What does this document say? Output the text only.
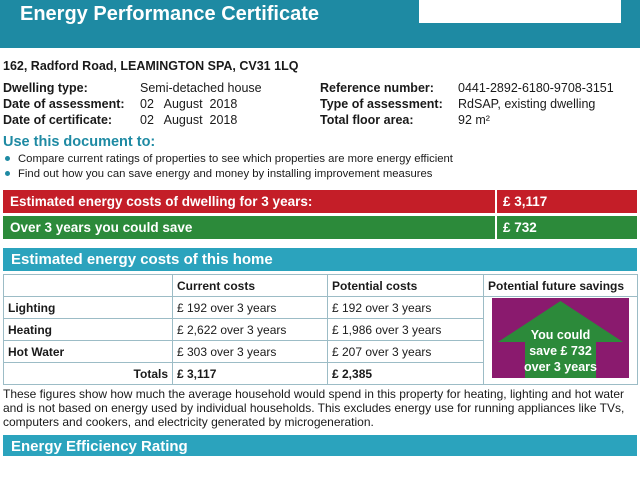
Energy Performance Certificate
162, Radford Road, LEAMINGTON SPA, CV31 1LQ
Dwelling type:	Semi-detached house
Date of assessment: 02   August  2018
Date of certificate: 02   August  2018
Reference number: 0441-2892-6180-9708-3151
Type of assessment: RdSAP, existing dwelling
Total floor area:	92 m²
Use this document to:
Compare current ratings of properties to see which properties are more energy efficient
Find out how you can save energy and money by installing improvement measures
Estimated energy costs of dwelling for 3 years:	£ 3,117
Over 3 years you could save	£ 732
Estimated energy costs of this home
	Current costs	Potential costs	Potential future savings
Lighting	£ 192 over 3 years	£ 192 over 3 years	
Heating	£ 2,622 over 3 years	£ 1,986 over 3 years	
Hot Water	£ 303 over 3 years	£ 207 over 3 years	
Totals	£ 3,117	£ 2,385	
You could
save £ 732
over 3 years
These figures show how much the average household would spend in this property for heating, lighting and hot water and is not based on energy used by individual households. This excludes energy use for running appliances like TVs, computers and cookers, and electricity generated by microgeneration.
Energy Efficiency Rating
